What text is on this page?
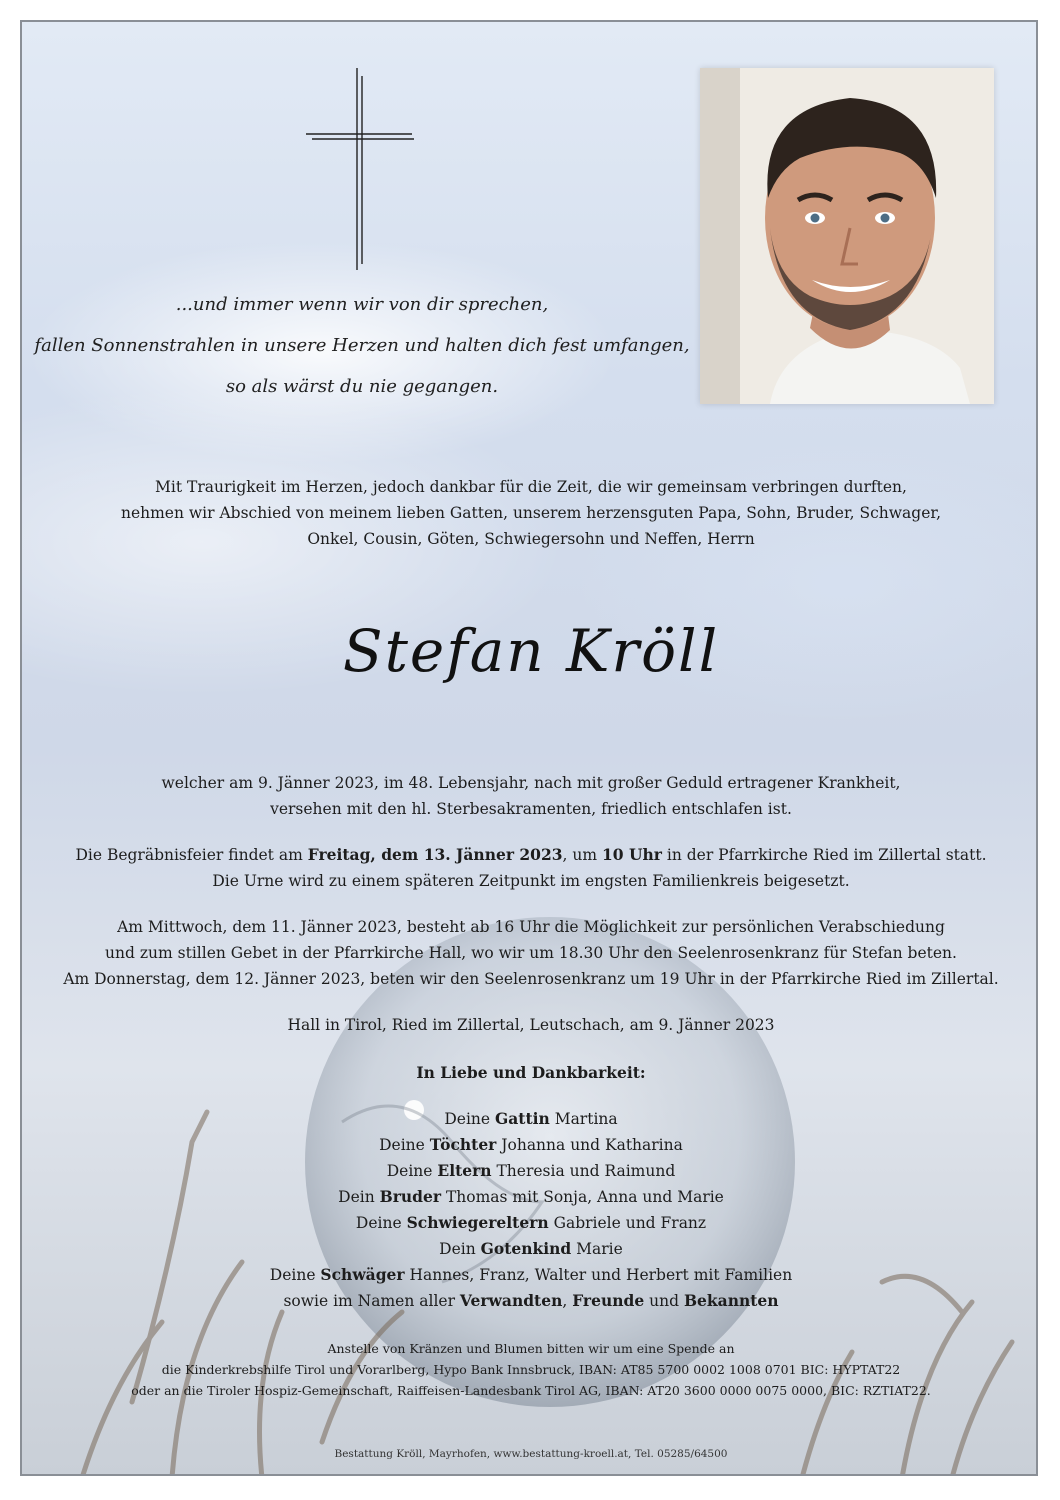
...und immer wenn wir von dir sprechen,
fallen Sonnenstrahlen in unsere Herzen und halten dich fest umfangen,
so als wärst du nie gegangen.
Mit Traurigkeit im Herzen, jedoch dankbar für die Zeit, die wir gemeinsam verbringen durften,
nehmen wir Abschied von meinem lieben Gatten, unserem herzensguten Papa, Sohn, Bruder, Schwager,
Onkel, Cousin, Göten, Schwiegersohn und Neffen, Herrn
Stefan Kröll
welcher am 9. Jänner 2023, im 48. Lebensjahr, nach mit großer Geduld ertragener Krankheit,
versehen mit den hl. Sterbesakramenten, friedlich entschlafen ist.
Die Begräbnisfeier findet am Freitag, dem 13. Jänner 2023, um 10 Uhr in der Pfarrkirche Ried im Zillertal statt.
Die Urne wird zu einem späteren Zeitpunkt im engsten Familienkreis beigesetzt.
Am Mittwoch, dem 11. Jänner 2023, besteht ab 16 Uhr die Möglichkeit zur persönlichen Verabschiedung
und zum stillen Gebet in der Pfarrkirche Hall, wo wir um 18.30 Uhr den Seelenrosenkranz für Stefan beten.
Am Donnerstag, dem 12. Jänner 2023, beten wir den Seelenrosenkranz um 19 Uhr in der Pfarrkirche Ried im Zillertal.
Hall in Tirol, Ried im Zillertal, Leutschach, am 9. Jänner 2023
In Liebe und Dankbarkeit:
Deine Gattin Martina
Deine Töchter Johanna und Katharina
Deine Eltern Theresia und Raimund
Dein Bruder Thomas mit Sonja, Anna und Marie
Deine Schwiegereltern Gabriele und Franz
Dein Gotenkind Marie
Deine Schwäger Hannes, Franz, Walter und Herbert mit Familien
sowie im Namen aller Verwandten, Freunde und Bekannten
Anstelle von Kränzen und Blumen bitten wir um eine Spende an
die Kinderkrebshilfe Tirol und Vorarlberg, Hypo Bank Innsbruck, IBAN: AT85 5700 0002 1008 0701 BIC: HYPTAT22
oder an die Tiroler Hospiz-Gemeinschaft, Raiffeisen-Landesbank Tirol AG, IBAN: AT20 3600 0000 0075 0000, BIC: RZTIAT22.
Bestattung Kröll, Mayrhofen, www.bestattung-kroell.at, Tel. 05285/64500
